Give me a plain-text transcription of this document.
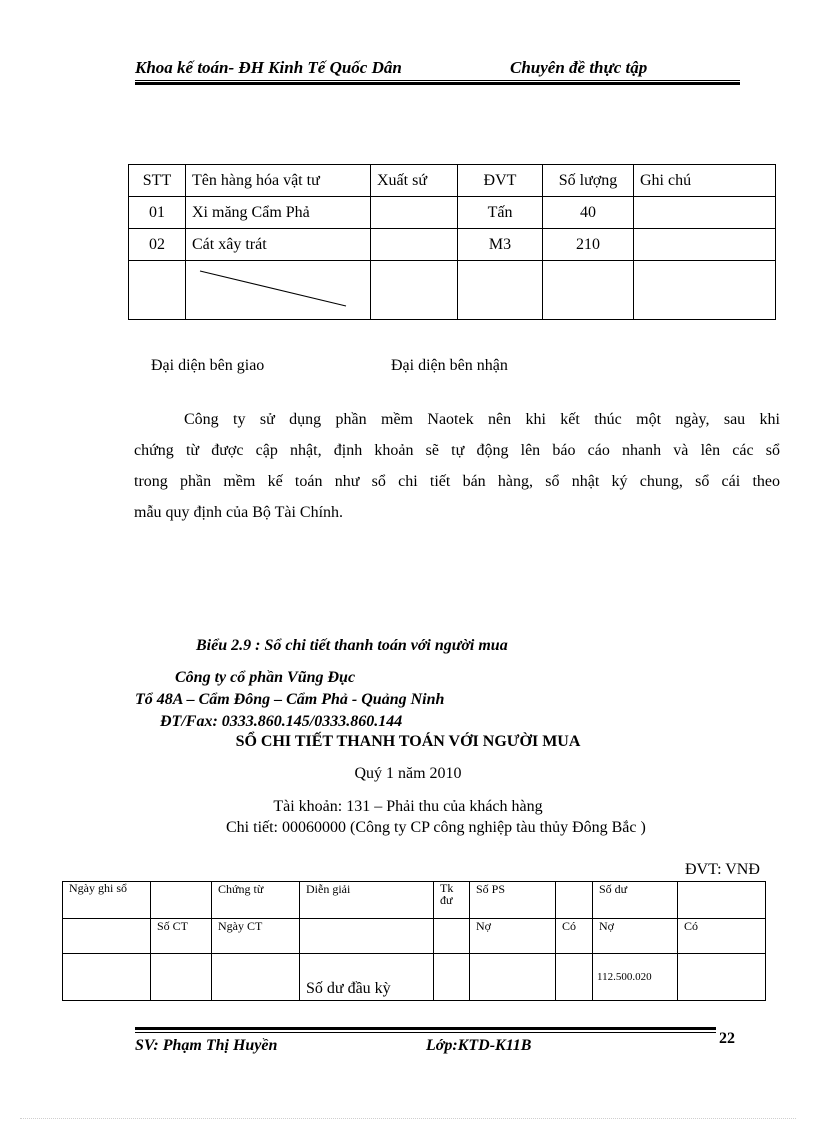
Khoa kế toán- ĐH Kinh Tế Quốc Dân	Chuyên đề thực tập
STT	Tên hàng hóa vật tư	Xuất sứ	ĐVT	Số lượng	Ghi chú
01	Xi măng Cẩm Phả		Tấn	40	
02	Cát xây trát		M3	210	

Đại diện bên giao	Đại diện bên nhận
Công ty sử dụng phần mềm Naotek nên khi kết thúc một ngày, sau khi
chứng từ được cập nhật, định khoản sẽ tự động lên báo cáo nhanh và lên các sổ
trong phần mềm kế toán như sổ chi tiết bán hàng, sổ nhật ký chung, sổ cái theo
mẫu quy định của Bộ Tài Chính.
Biểu 2.9 : Sổ chi tiết thanh toán với người mua
Công ty cổ phần Vũng Đục
Tổ 48A – Cẩm Đông – Cẩm Phả - Quảng Ninh
ĐT/Fax: 0333.860.145/0333.860.144
SỔ CHI TIẾT THANH TOÁN VỚI NGƯỜI MUA
Quý 1 năm 2010
Tài khoản: 131 – Phải thu của khách hàng
Chi tiết: 00060000 (Công ty CP công nghiệp tàu thủy Đông Bắc )
ĐVT: VNĐ
Ngày ghi sổ		Chứng từ	Diễn giải	Tk đư	Số PS		Số dư	
	Số CT	Ngày CT			Nợ	Có	Nợ	Có
			Số dư đầu kỳ				112.500.020	
SV: Phạm Thị Huyền	Lớp:KTD-K11B	22
